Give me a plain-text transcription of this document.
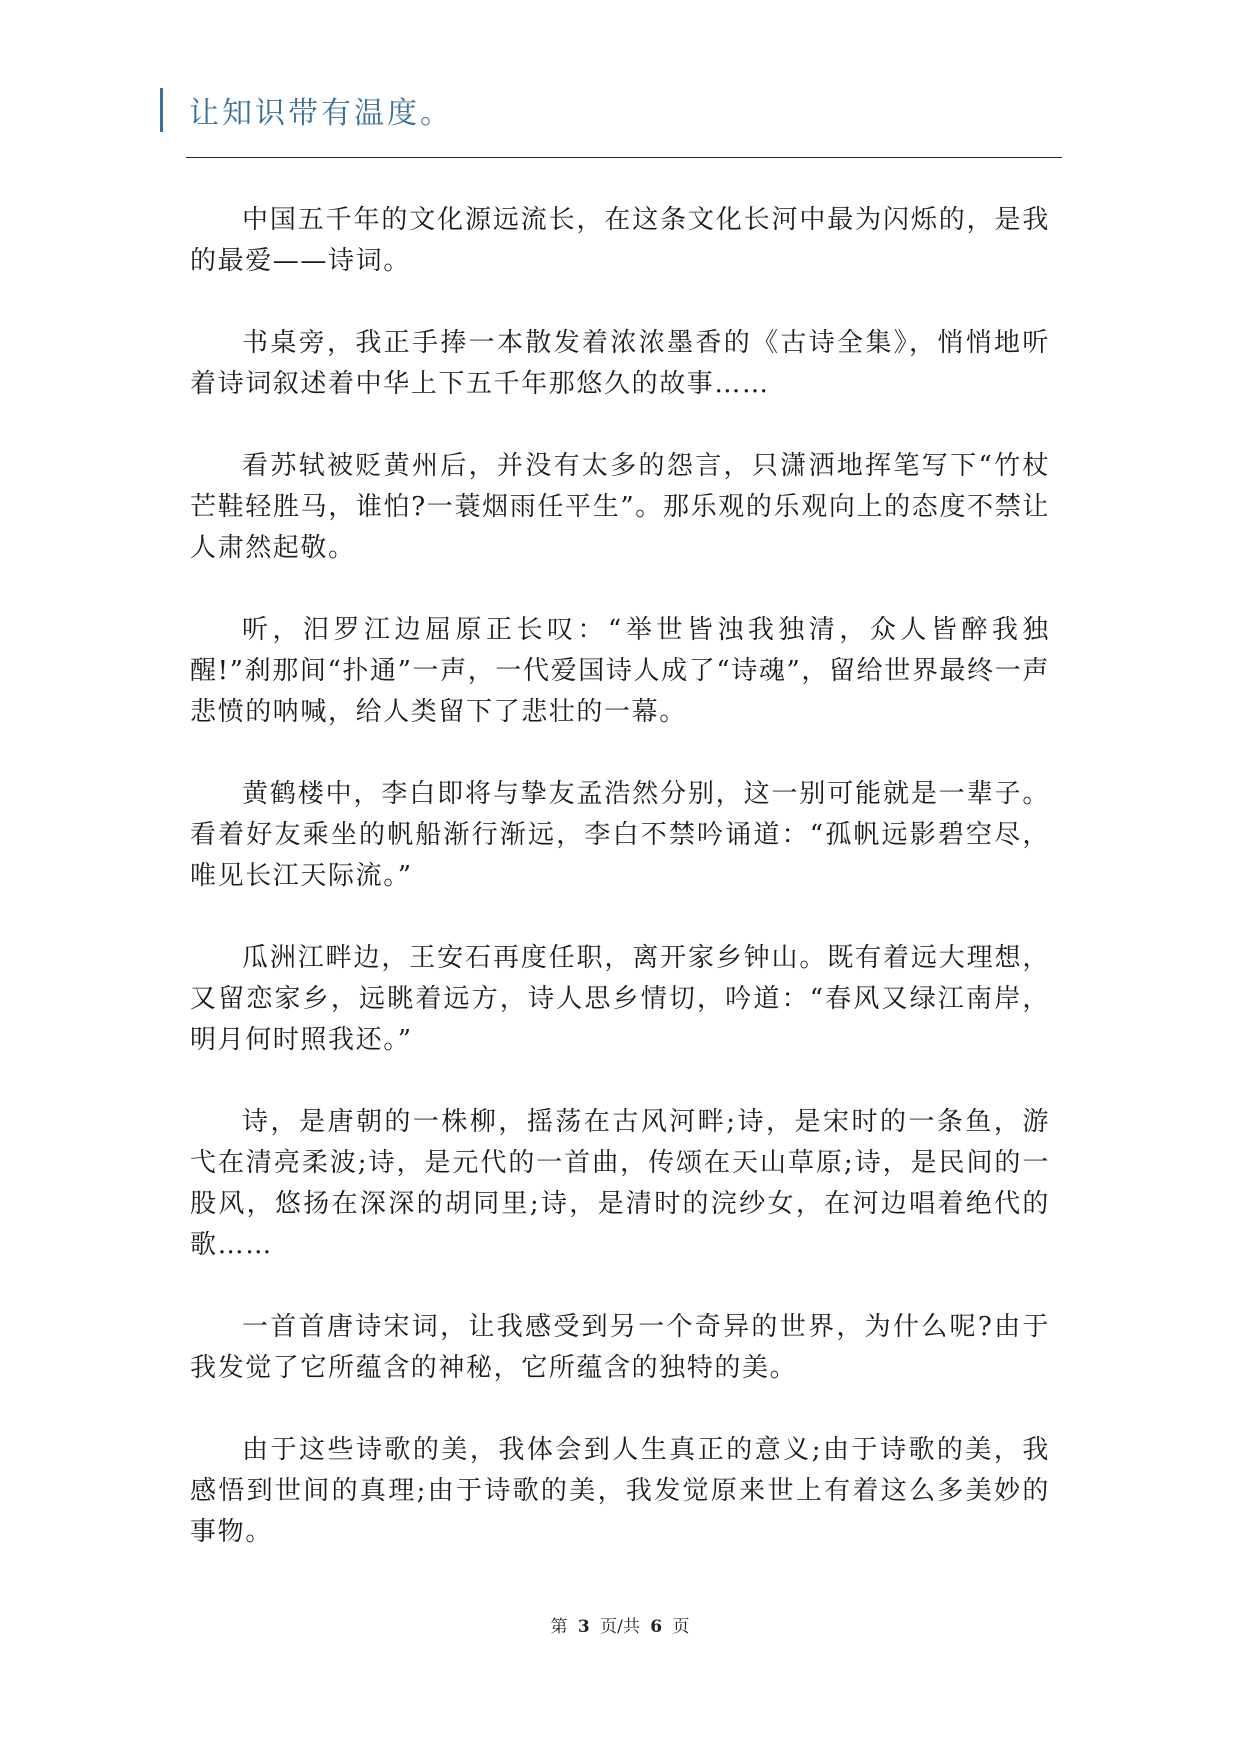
让知识带有温度。

中国五千年的文化源远流长，在这条文化长河中最为闪烁的，是我的最爱——诗词。

书桌旁，我正手捧一本散发着浓浓墨香的《古诗全集》，悄悄地听着诗词叙述着中华上下五千年那悠久的故事……

看苏轼被贬黄州后，并没有太多的怨言，只潇洒地挥笔写下“竹杖芒鞋轻胜马，谁怕?一蓑烟雨任平生”。那乐观的乐观向上的态度不禁让人肃然起敬。

听，汨罗江边屈原正长叹：“举世皆浊我独清，众人皆醉我独醒!”刹那间“扑通”一声，一代爱国诗人成了“诗魂”，留给世界最终一声悲愤的呐喊，给人类留下了悲壮的一幕。

黄鹤楼中，李白即将与挚友孟浩然分别，这一别可能就是一辈子。看着好友乘坐的帆船渐行渐远，李白不禁吟诵道：“孤帆远影碧空尽，唯见长江天际流。”

瓜洲江畔边，王安石再度任职，离开家乡钟山。既有着远大理想，又留恋家乡，远眺着远方，诗人思乡情切，吟道：“春风又绿江南岸，明月何时照我还。”

诗，是唐朝的一株柳，摇荡在古风河畔;诗，是宋时的一条鱼，游弋在清亮柔波;诗，是元代的一首曲，传颂在天山草原;诗，是民间的一股风，悠扬在深深的胡同里;诗，是清时的浣纱女，在河边唱着绝代的歌……

一首首唐诗宋词，让我感受到另一个奇异的世界，为什么呢?由于我发觉了它所蕴含的神秘，它所蕴含的独特的美。

由于这些诗歌的美，我体会到人生真正的意义;由于诗歌的美，我感悟到世间的真理;由于诗歌的美，我发觉原来世上有着这么多美妙的事物。

第 3 页/共 6 页
